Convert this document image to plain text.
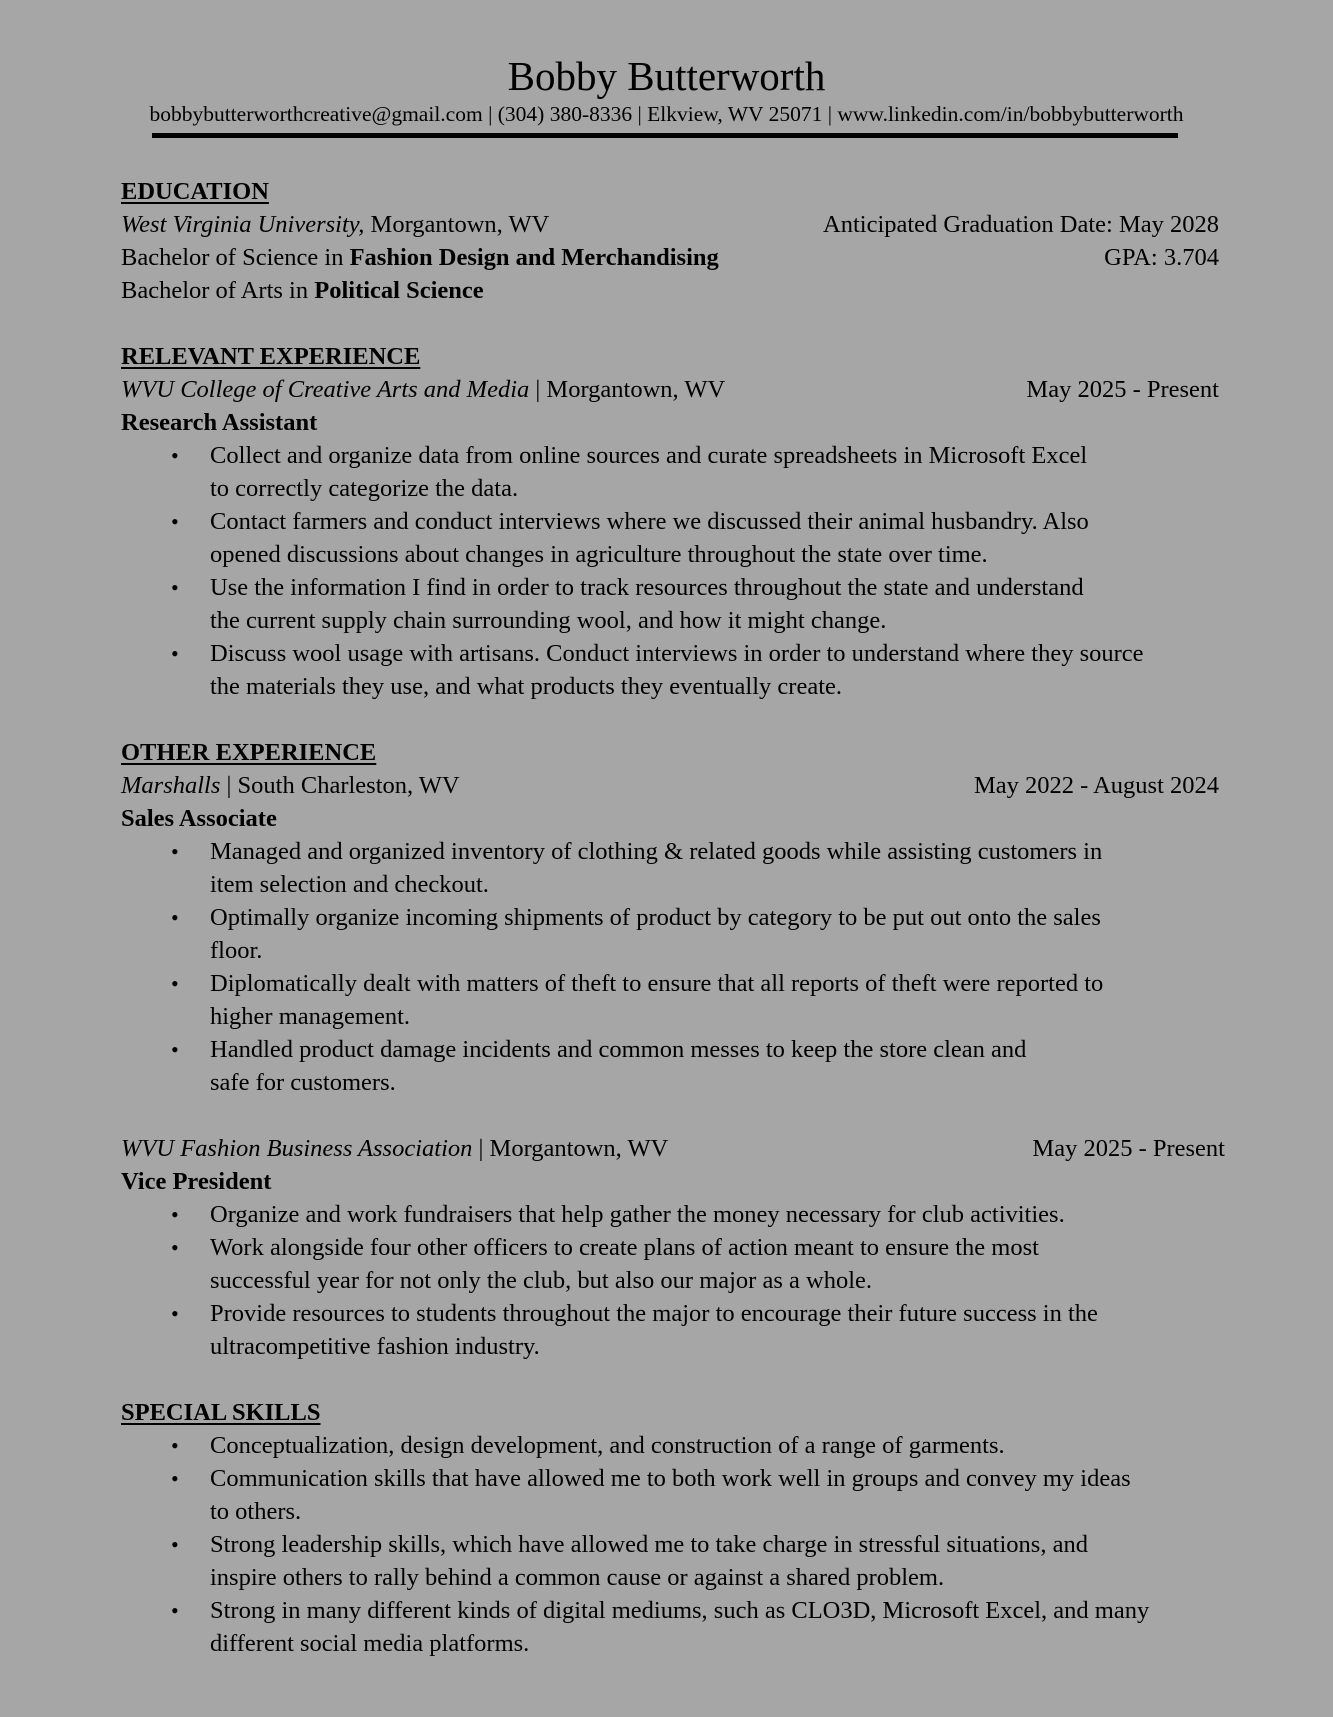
Bobby Butterworth
bobbybutterworthcreative@gmail.com | (304) 380-8336 | Elkview, WV 25071 | www.linkedin.com/in/bobbybutterworth
EDUCATION
West Virginia University, Morgantown, WV	Anticipated Graduation Date: May 2028
Bachelor of Science in Fashion Design and Merchandising	GPA: 3.704
Bachelor of Arts in Political Science
RELEVANT EXPERIENCE
WVU College of Creative Arts and Media | Morgantown, WV	May 2025 - Present
Research Assistant
• Collect and organize data from online sources and curate spreadsheets in Microsoft Excel
to correctly categorize the data.
• Contact farmers and conduct interviews where we discussed their animal husbandry. Also
opened discussions about changes in agriculture throughout the state over time.
• Use the information I find in order to track resources throughout the state and understand
the current supply chain surrounding wool, and how it might change.
• Discuss wool usage with artisans. Conduct interviews in order to understand where they source
the materials they use, and what products they eventually create.
OTHER EXPERIENCE
Marshalls | South Charleston, WV	May 2022 - August 2024
Sales Associate
• Managed and organized inventory of clothing & related goods while assisting customers in
item selection and checkout.
• Optimally organize incoming shipments of product by category to be put out onto the sales
floor.
• Diplomatically dealt with matters of theft to ensure that all reports of theft were reported to
higher management.
• Handled product damage incidents and common messes to keep the store clean and
safe for customers.
WVU Fashion Business Association | Morgantown, WV	May 2025 - Present
Vice President
• Organize and work fundraisers that help gather the money necessary for club activities.
• Work alongside four other officers to create plans of action meant to ensure the most
successful year for not only the club, but also our major as a whole.
• Provide resources to students throughout the major to encourage their future success in the
ultracompetitive fashion industry.
SPECIAL SKILLS
• Conceptualization, design development, and construction of a range of garments.
• Communication skills that have allowed me to both work well in groups and convey my ideas
to others.
• Strong leadership skills, which have allowed me to take charge in stressful situations, and
inspire others to rally behind a common cause or against a shared problem.
• Strong in many different kinds of digital mediums, such as CLO3D, Microsoft Excel, and many
different social media platforms.
